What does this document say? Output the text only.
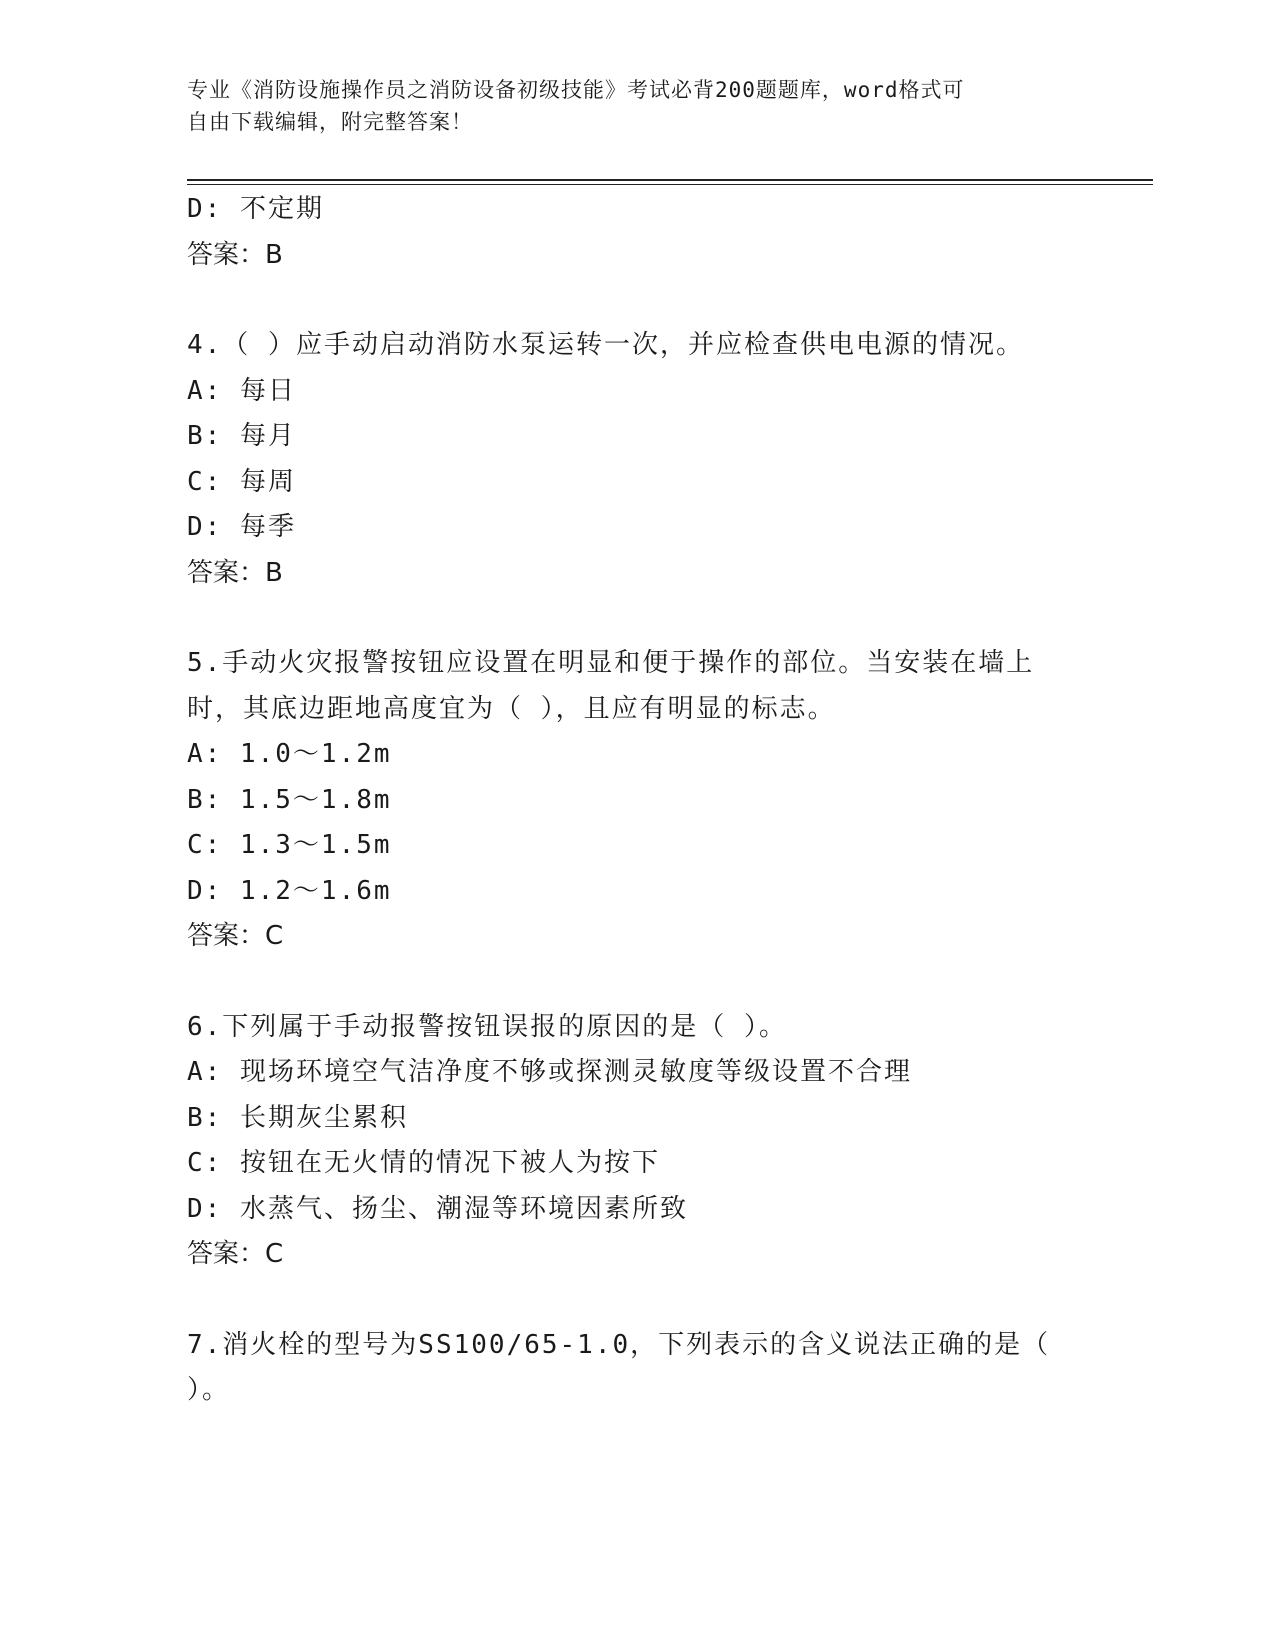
专业《消防设施操作员之消防设备初级技能》考试必背200题题库，word格式可
自由下载编辑，附完整答案！
D: 不定期
答案：B
4.（ ）应手动启动消防水泵运转一次，并应检查供电电源的情况。
A: 每日
B: 每月
C: 每周
D: 每季
答案：B
5.手动火灾报警按钮应设置在明显和便于操作的部位。当安装在墙上
时，其底边距地高度宜为（ ），且应有明显的标志。
A: 1.0～1.2m
B: 1.5～1.8m
C: 1.3～1.5m
D: 1.2～1.6m
答案：C
6.下列属于手动报警按钮误报的原因的是（ ）。
A: 现场环境空气洁净度不够或探测灵敏度等级设置不合理
B: 长期灰尘累积
C: 按钮在无火情的情况下被人为按下
D: 水蒸气、扬尘、潮湿等环境因素所致
答案：C
7.消火栓的型号为SS100/65-1.0，下列表示的含义说法正确的是（
）。
